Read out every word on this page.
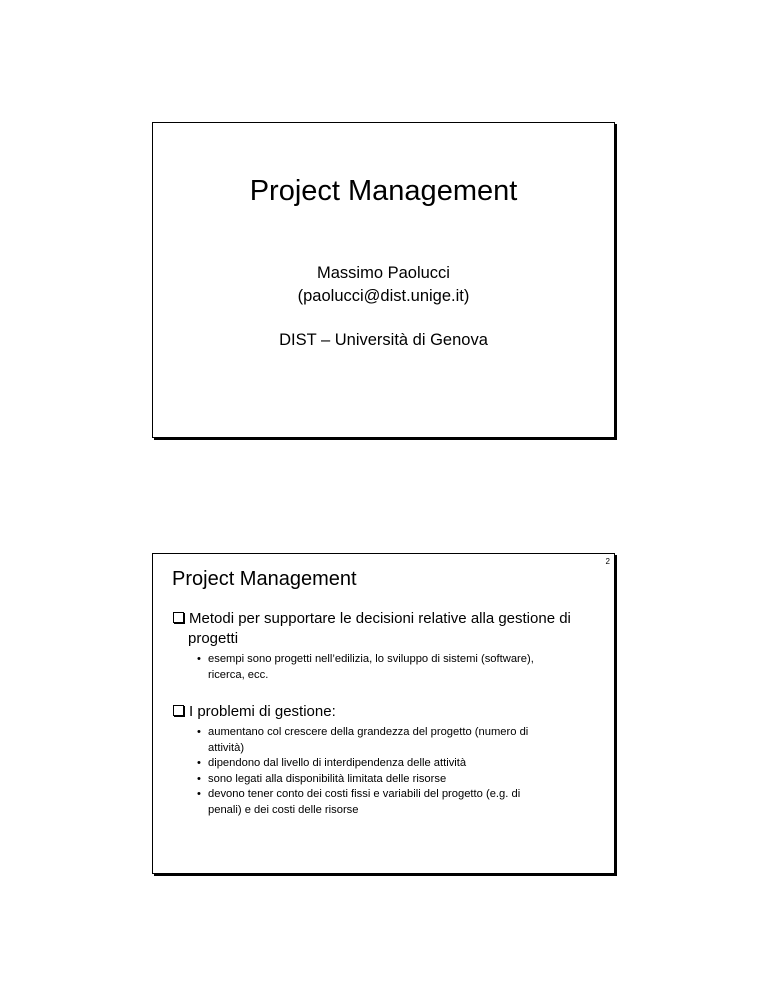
Project Management
Massimo Paolucci
(paolucci@dist.unige.it)
DIST – Università di Genova
2
Project Management
Metodi per supportare le decisioni relative alla gestione di
progetti
• esempi sono progetti nell’edilizia, lo sviluppo di sistemi (software),
ricerca, ecc.
I problemi di gestione:
• aumentano col crescere della grandezza del progetto (numero di
attività)
• dipendono dal livello di interdipendenza delle attività
• sono legati alla disponibilità limitata delle risorse
• devono tener conto dei costi fissi e variabili del progetto (e.g. di
penali) e dei costi delle risorse
